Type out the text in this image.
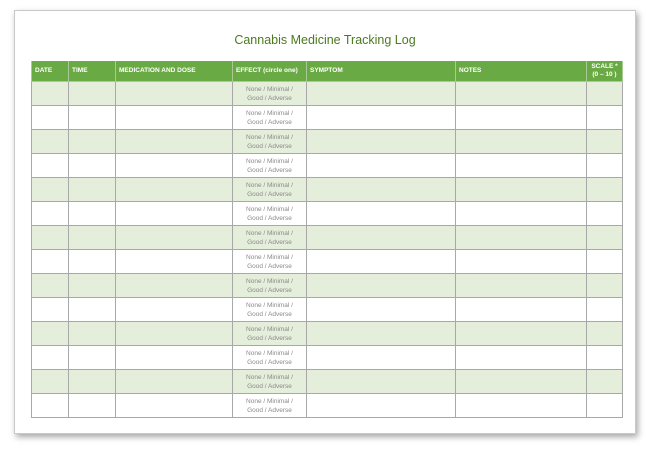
Cannabis Medicine Tracking Log
DATE	TIME	MEDICATION AND DOSE	EFFECT (circle one)	SYMPTOM	NOTES	SCALE *
(0 – 10 )

			None / Minimal /
Good / Adverse			

			None / Minimal /
Good / Adverse			

			None / Minimal /
Good / Adverse			

			None / Minimal /
Good / Adverse			

			None / Minimal /
Good / Adverse			

			None / Minimal /
Good / Adverse			

			None / Minimal /
Good / Adverse			

			None / Minimal /
Good / Adverse			

			None / Minimal /
Good / Adverse			

			None / Minimal /
Good / Adverse			

			None / Minimal /
Good / Adverse			

			None / Minimal /
Good / Adverse			

			None / Minimal /
Good / Adverse			

			None / Minimal /
Good / Adverse			
